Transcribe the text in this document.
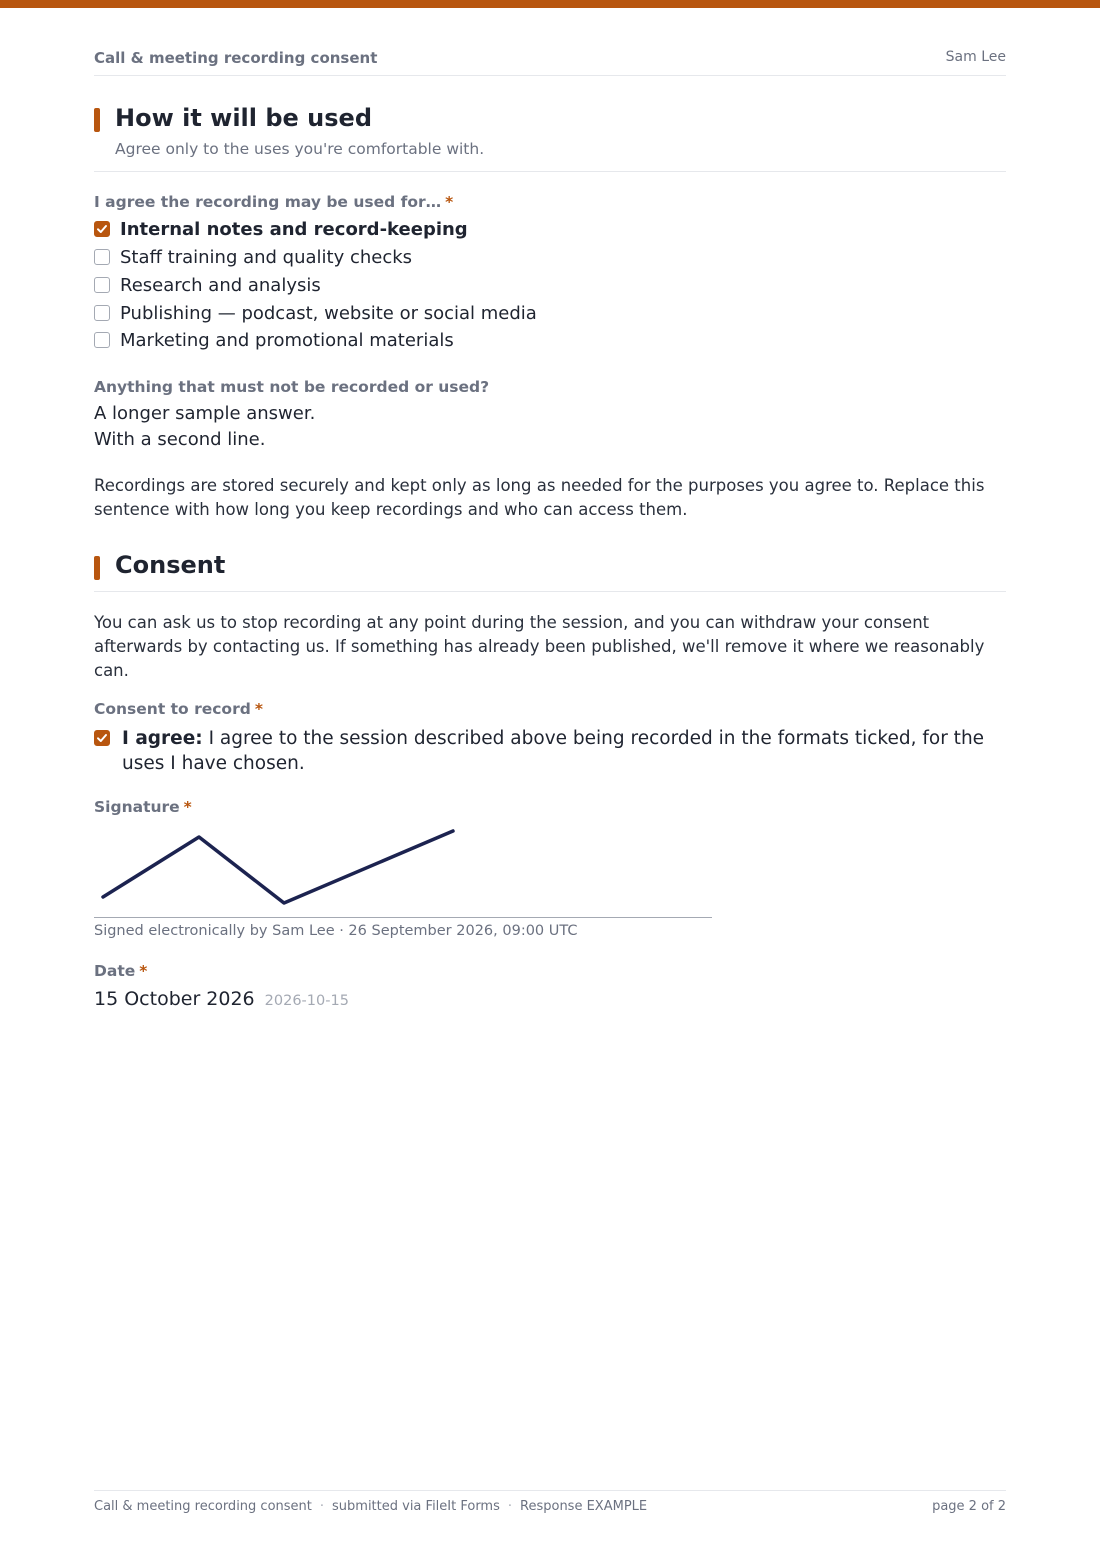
Call & meeting recording consent	Sam Lee
How it will be used
Agree only to the uses you're comfortable with.
I agree the recording may be used for… *
Internal notes and record-keeping
Staff training and quality checks
Research and analysis
Publishing — podcast, website or social media
Marketing and promotional materials
Anything that must not be recorded or used?
A longer sample answer.
With a second line.
Recordings are stored securely and kept only as long as needed for the purposes you agree to. Replace this sentence with how long you keep recordings and who can access them.
Consent
You can ask us to stop recording at any point during the session, and you can withdraw your consent afterwards by contacting us. If something has already been published, we'll remove it where we reasonably can.
Consent to record *
I agree: I agree to the session described above being recorded in the formats ticked, for the uses I have chosen.
Signature *
Signed electronically by Sam Lee · 26 September 2026, 09:00 UTC
Date *
15 October 2026 2026-10-15
Call & meeting recording consent · submitted via FileIt Forms · Response EXAMPLE	page 2 of 2
